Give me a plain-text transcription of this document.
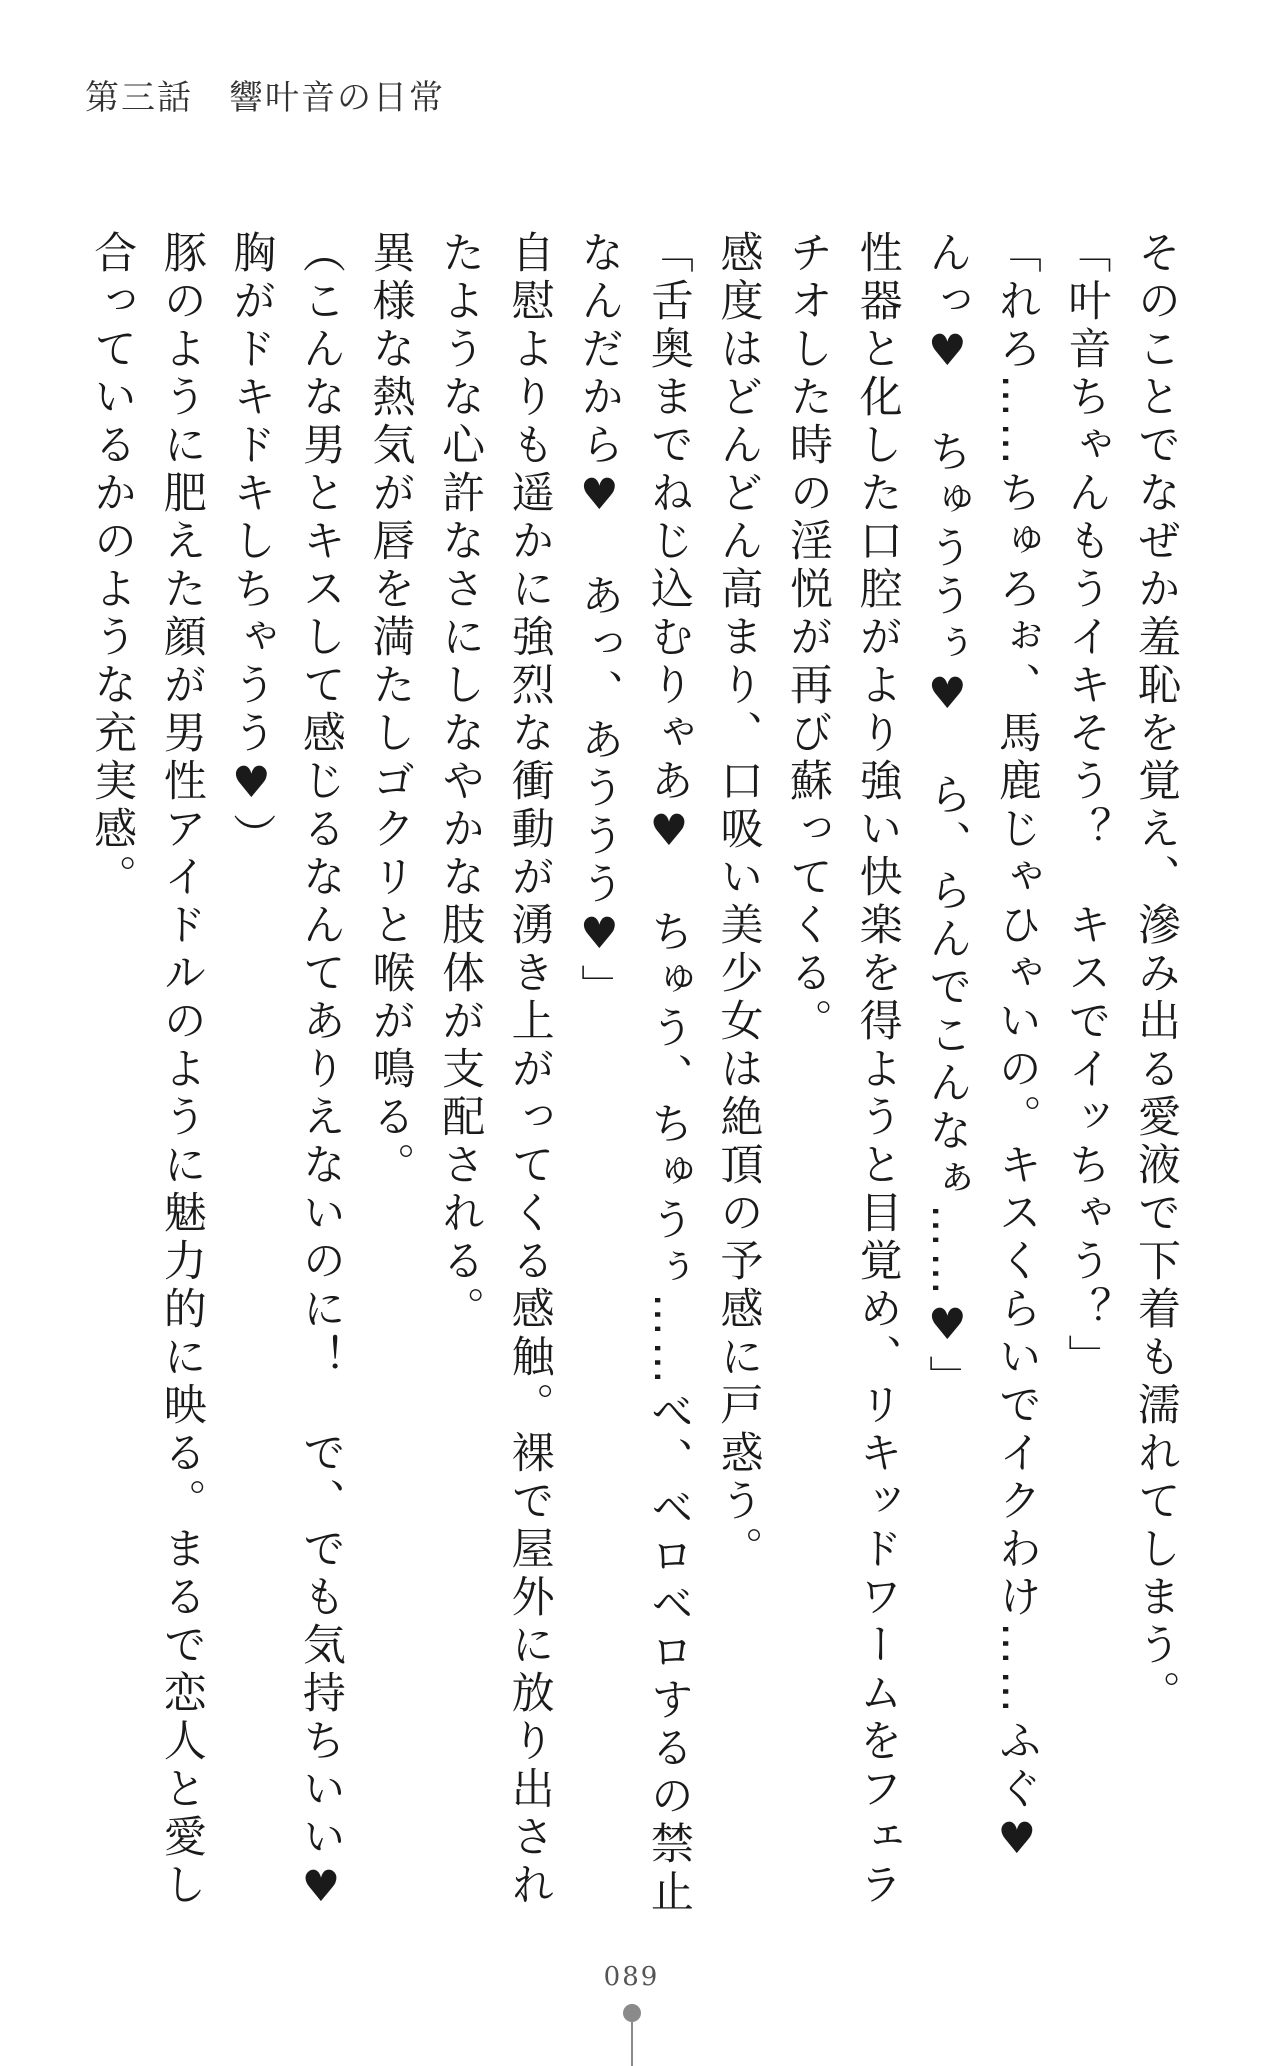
第三話　響叶音の日常

そのことでなぜか羞恥を覚え、滲み出る愛液で下着も濡れてしまう。

「叶音ちゃんもうイキそう？　キスでイッちゃう？」

「れろ……ちゅろぉ、馬鹿じゃひゃいの。キスくらいでイクわけ……ふぐ♥　んっ♥　ちゅううぅ♥　ら、らんでこんなぁ……♥」

性器と化した口腔がより強い快楽を得ようと目覚め、リキッドワームをフェラチオした時の淫悦が再び蘇ってくる。

感度はどんどん高まり、口吸い美少女は絶頂の予感に戸惑う。

「舌奥までねじ込むりゃあ♥　ちゅう、ちゅうぅ……べ、ベロベロするの禁止なんだから♥　あっ、あううう♥」

自慰よりも遥かに強烈な衝動が湧き上がってくる感触。裸で屋外に放り出されたような心許なさにしなやかな肢体が支配される。

異様な熱気が唇を満たしゴクリと喉が鳴る。

（こんな男とキスして感じるなんてありえないのに！　で、でも気持ちいい♥　胸がドキドキしちゃうう♥）

豚のように肥えた顔が男性アイドルのように魅力的に映る。まるで恋人と愛し合っているかのような充実感。

089
